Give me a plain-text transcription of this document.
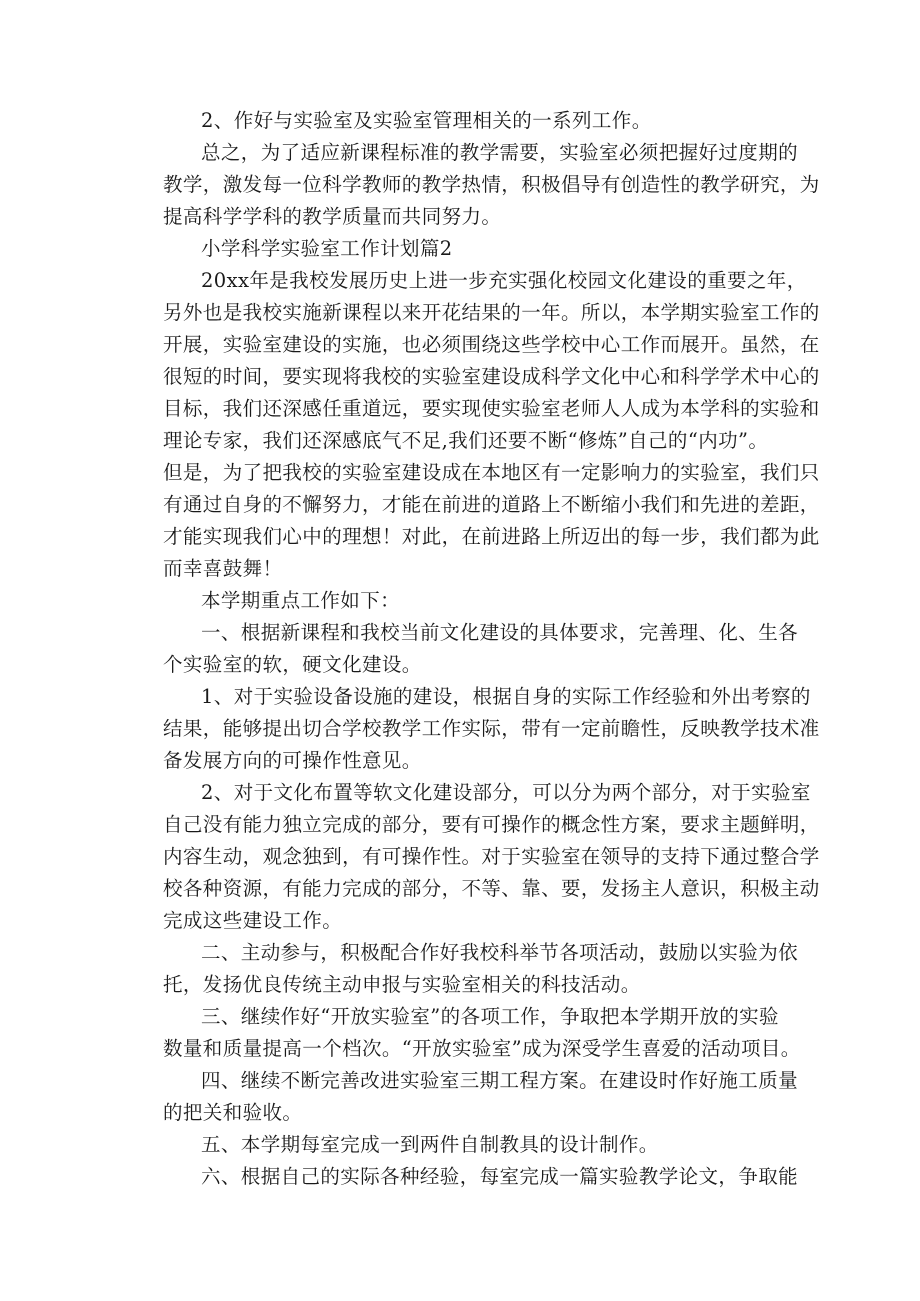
2、作好与实验室及实验室管理相关的一系列工作。
总之，为了适应新课程标准的教学需要，实验室必须把握好过度期的
教学，激发每一位科学教师的教学热情，积极倡导有创造性的教学研究，为
提高科学学科的教学质量而共同努力。
小学科学实验室工作计划篇2
20xx年是我校发展历史上进一步充实强化校园文化建设的重要之年，
另外也是我校实施新课程以来开花结果的一年。所以，本学期实验室工作的
开展，实验室建设的实施，也必须围绕这些学校中心工作而展开。虽然，在
很短的时间，要实现将我校的实验室建设成科学文化中心和科学学术中心的
目标，我们还深感任重道远，要实现使实验室老师人人成为本学科的实验和
理论专家，我们还深感底气不足,我们还要不断“修炼”自己的“内功”。
但是，为了把我校的实验室建设成在本地区有一定影响力的实验室，我们只
有通过自身的不懈努力，才能在前进的道路上不断缩小我们和先进的差距，
才能实现我们心中的理想！对此，在前进路上所迈出的每一步，我们都为此
而幸喜鼓舞！
本学期重点工作如下：
一、根据新课程和我校当前文化建设的具体要求，完善理、化、生各
个实验室的软，硬文化建设。
1、对于实验设备设施的建设，根据自身的实际工作经验和外出考察的
结果，能够提出切合学校教学工作实际，带有一定前瞻性，反映教学技术准
备发展方向的可操作性意见。
2、对于文化布置等软文化建设部分，可以分为两个部分，对于实验室
自己没有能力独立完成的部分，要有可操作的概念性方案，要求主题鲜明，
内容生动，观念独到，有可操作性。对于实验室在领导的支持下通过整合学
校各种资源，有能力完成的部分，不等、靠、要，发扬主人意识，积极主动
完成这些建设工作。
二、主动参与，积极配合作好我校科举节各项活动，鼓励以实验为依
托，发扬优良传统主动申报与实验室相关的科技活动。
三、继续作好“开放实验室”的各项工作，争取把本学期开放的实验
数量和质量提高一个档次。“开放实验室”成为深受学生喜爱的活动项目。
四、继续不断完善改进实验室三期工程方案。在建设时作好施工质量
的把关和验收。
五、本学期每室完成一到两件自制教具的设计制作。
六、根据自己的实际各种经验，每室完成一篇实验教学论文，争取能
